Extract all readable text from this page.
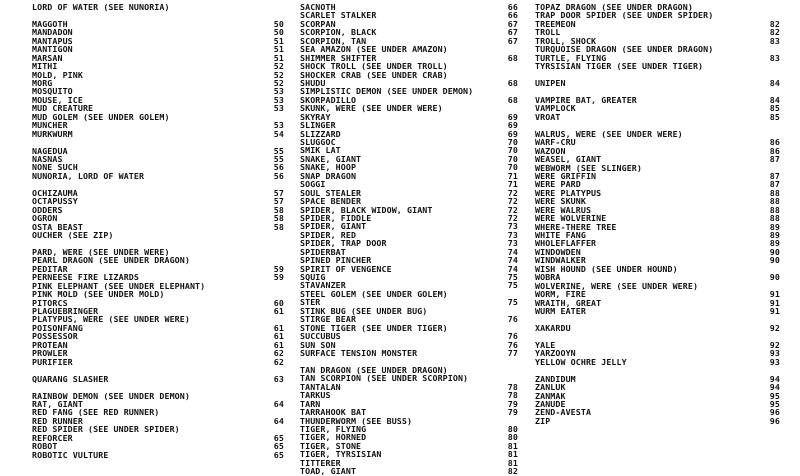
LORD OF WATER (SEE NUNORIA)
MAGGOTH	50
MANDADON	50
MANTAPUS	51
MANTIGON	51
MARSAN	51
MITHI	52
MOLD, PINK	52
MORG	52
MOSQUITO	53
MOUSE, ICE	53
MUD CREATURE	53
MUD GOLEM (SEE UNDER GOLEM)
MUNCHER	53
MURKWURM	54
NAGEDUA	55
NASNAS	55
NONE SUCH	56
NUNORIA, LORD OF WATER	56
OCHIZAUMA	57
OCTAPUSSY	57
ODDERS	58
OGRON	58
OSTA BEAST	58
OUCHER (SEE ZIP)
PARD, WERE (SEE UNDER WERE)
PEARL DRAGON (SEE UNDER DRAGON)
PEDITAR	59
PERNEESE FIRE LIZARDS	59
PINK ELEPHANT (SEE UNDER ELEPHANT)
PINK MOLD (SEE UNDER MOLD)
PITORCS	60
PLAGUEBRINGER	61
PLATYPUS, WERE (SEE UNDER WERE)
POISONFANG	61
POSSESSOR	61
PROTEAN	61
PROWLER	62
PURIFIER	62
QUARANG SLASHER	63
RAINBOW DEMON (SEE UNDER DEMON)
RAT, GIANT	64
RED FANG (SEE RED RUNNER)
RED RUNNER	64
RED SPIDER (SEE UNDER SPIDER)
REFORCER	65
ROBOT	65
ROBOTIC VULTURE	65
SACNOTH	66
SCARLET STALKER	66
SCORPAN	67
SCORPION, BLACK	67
SCORPION, TAN	67
SEA AMAZON (SEE UNDER AMAZON)
SHIMMER SHIFTER	68
SHOCK TROLL (SEE UNDER TROLL)
SHOCKER CRAB (SEE UNDER CRAB)
SHUDU	68
SIMPLISTIC DEMON (SEE UNDER DEMON)
SKORPADILLO	68
SKUNK, WERE (SEE UNDER WERE)
SKYRAY	69
SLINGER	69
SLIZZARD	69
SLUGGOC	70
SMIK LAT	70
SNAKE, GIANT	70
SNAKE, HOOP	70
SNAP DRAGON	71
SOGGI	71
SOUL STEALER	72
SPACE BENDER	72
SPIDER, BLACK WIDOW, GIANT	72
SPIDER, FIDDLE	72
SPIDER, GIANT	73
SPIDER, RED	73
SPIDER, TRAP DOOR	73
SPIDERBAT	74
SPINED PINCHER	74
SPIRIT OF VENGENCE	74
SQUIG	75
STAVANZER	75
STEEL GOLEM (SEE UNDER GOLEM)
STER	75
STINK BUG (SEE UNDER BUG)
STIRGE BEAR	76
STONE TIGER (SEE UNDER TIGER)
SUCCUBUS	76
SUN SON	76
SURFACE TENSION MONSTER	77
TAN DRAGON (SEE UNDER DRAGON)
TAN SCORPION (SEE UNDER SCORPION)
TANTALAN	78
TARKUS	78
TARN	79
TARRAHOOK BAT	79
THUNDERWORM (SEE BUSS)
TIGER, FLYING	80
TIGER, HORNED	80
TIGER, STONE	81
TIGER, TYRSISIAN	81
TITTERER	81
TOAD, GIANT	82
TOPAZ DRAGON (SEE UNDER DRAGON)
TRAP DOOR SPIDER (SEE UNDER SPIDER)
TREEMEON	82
TROLL	82
TROLL, SHOCK	83
TURQUOISE DRAGON (SEE UNDER DRAGON)
TURTLE, FLYING	83
TYRSISIAN TIGER (SEE UNDER TIGER)
UNIPEN	84
VAMPIRE BAT, GREATER	84
VAMPLOCK	85
VROAT	85
WALRUS, WERE (SEE UNDER WERE)
WARF-CRU	86
WAZOON	86
WEASEL, GIANT	87
WEBWORM (SEE SLINGER)
WERE GRIFFIN	87
WERE PARD	87
WERE PLATYPUS	88
WERE SKUNK	88
WERE WALRUS	88
WERE WOLVERINE	88
WHERE-THERE TREE	89
WHITE FANG	89
WHOLEFLAFFER	89
WINDOWDEN	90
WINDWALKER	90
WISH HOUND (SEE UNDER HOUND)
WOBRA	90
WOLVERINE, WERE (SEE UNDER WERE)
WORM, FIRE	91
WRAITH, GREAT	91
WURM EATER	91
XAKARDU	92
YALE	92
YARZOOYN	93
YELLOW OCHRE JELLY	93
ZANDIDUM	94
ZANLUK	94
ZANMAK	95
ZANUDE	95
ZEND-AVESTA	96
ZIP	96
